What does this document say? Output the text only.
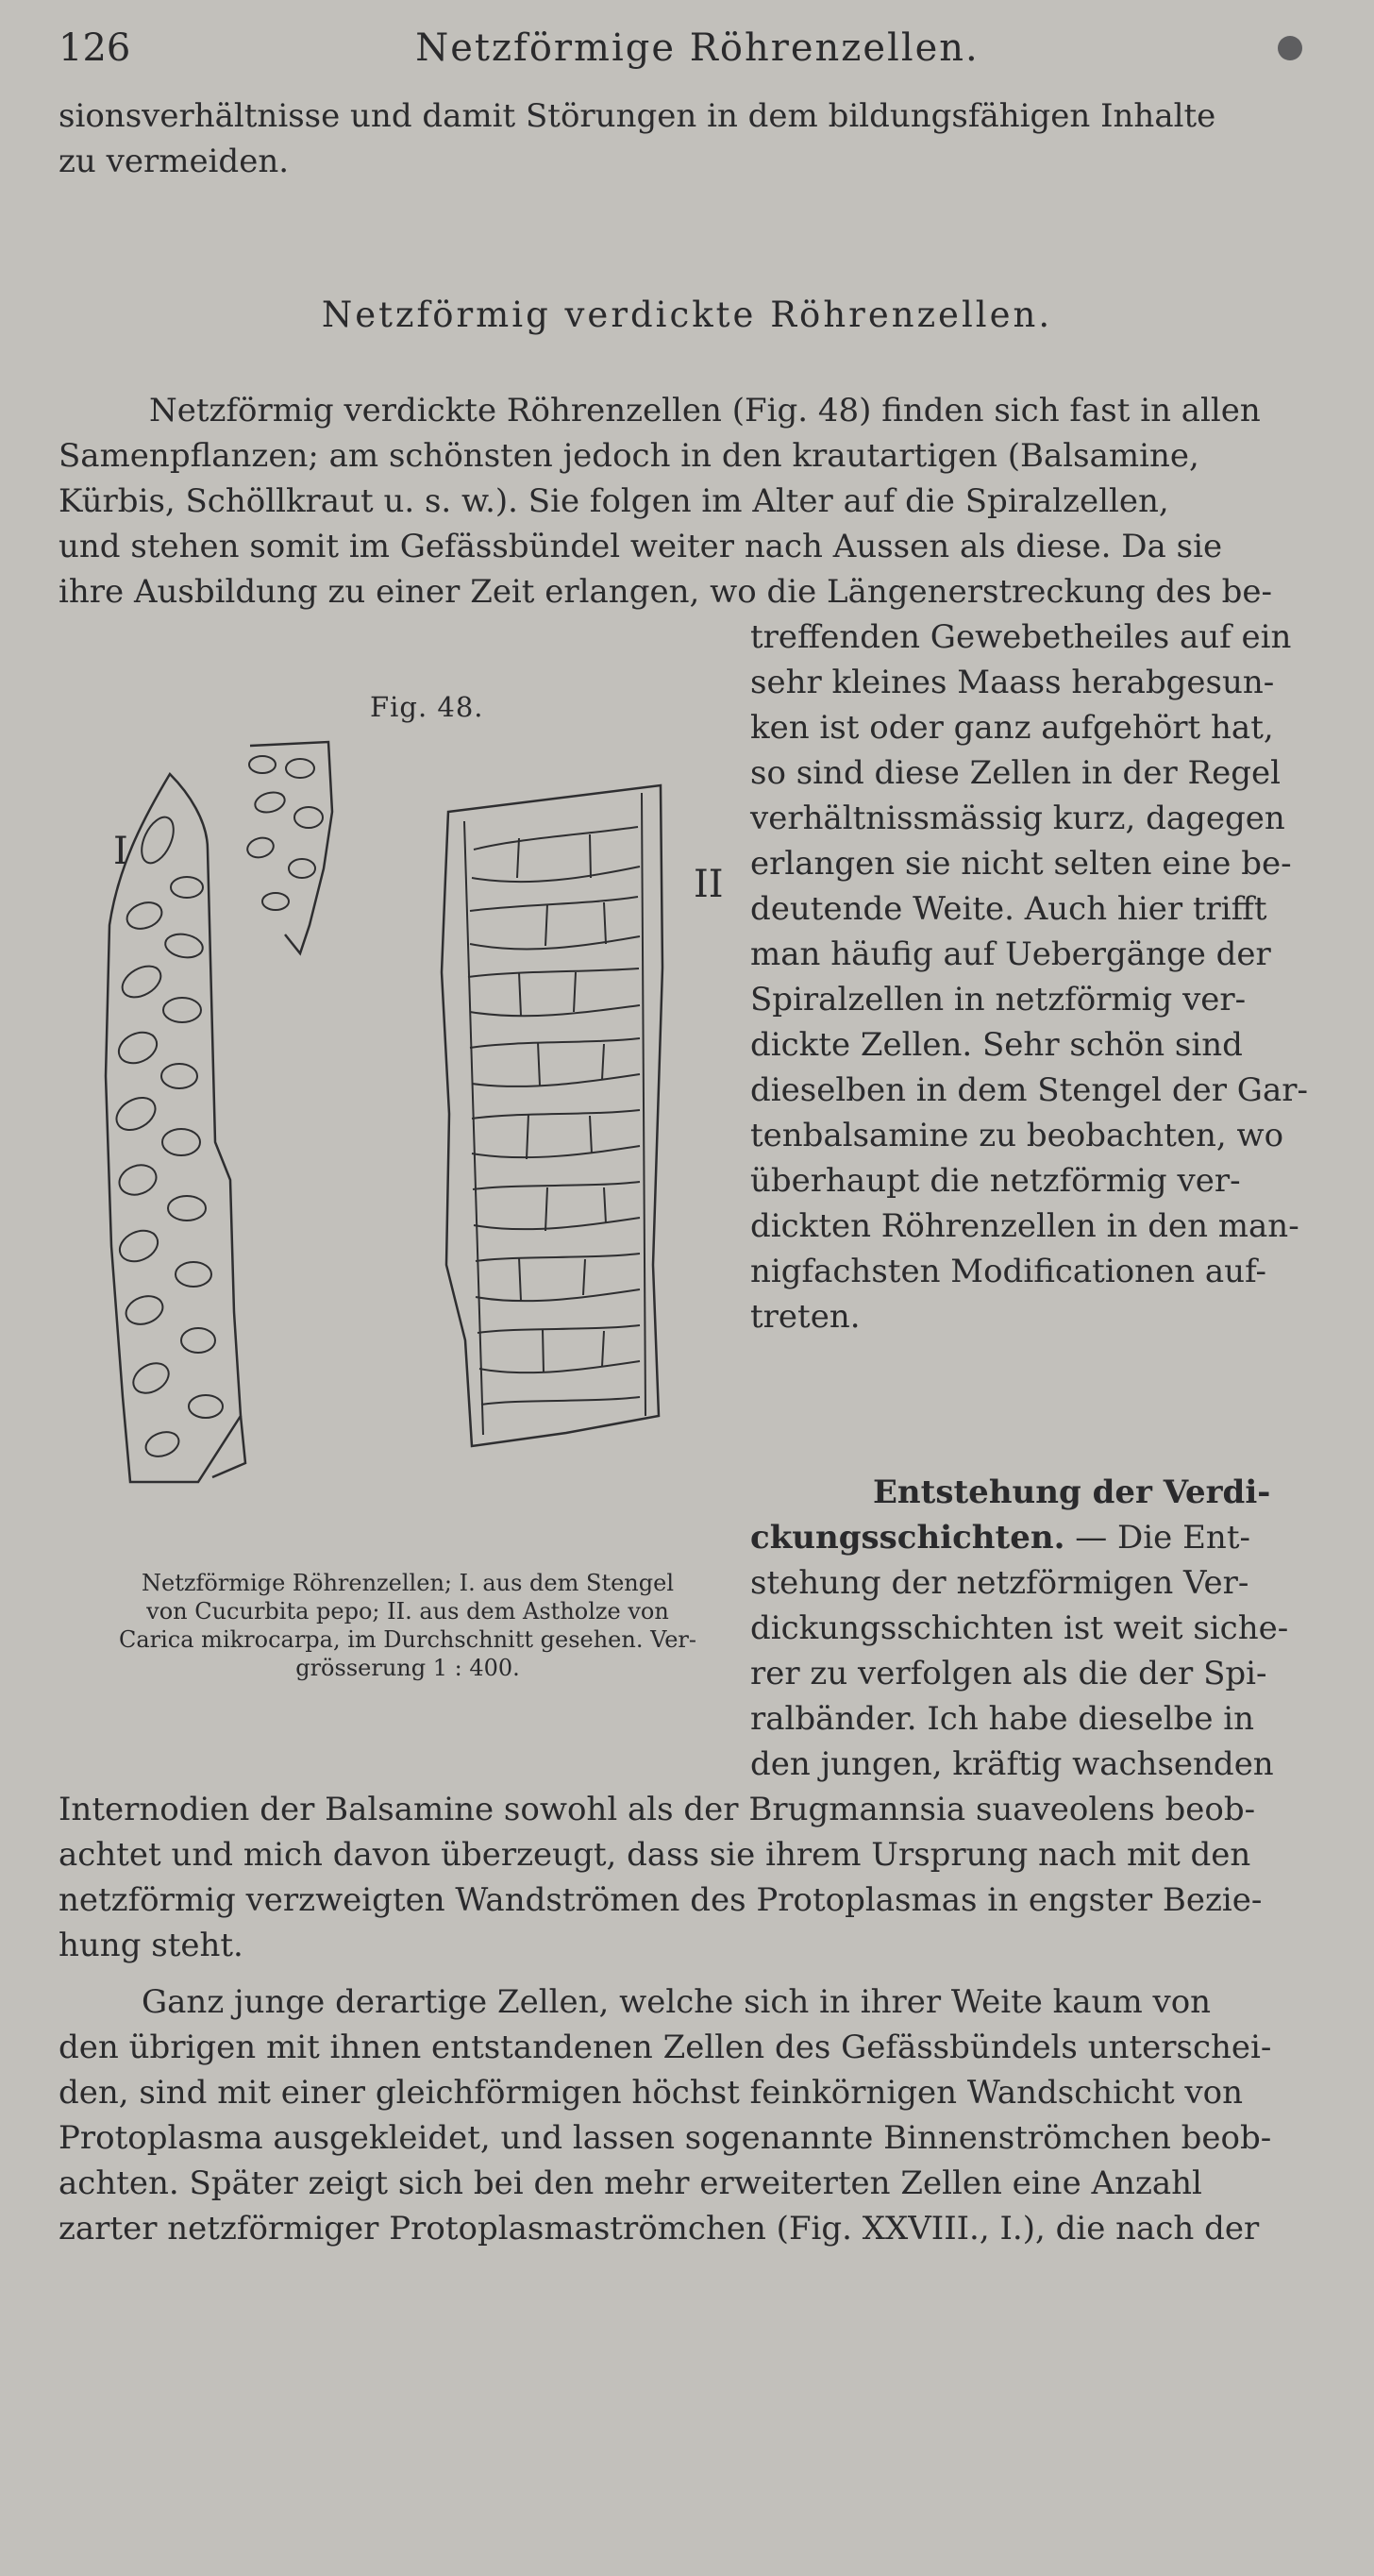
126	Netzförmige Röhrenzellen.
sionsverhältnisse und damit Störungen in dem bildungsfähigen Inhalte
zu vermeiden.
Netzförmig verdickte Röhrenzellen.
Netzförmig verdickte Röhrenzellen (Fig. 48) finden sich fast in allen
Samenpflanzen; am schönsten jedoch in den krautartigen (Balsamine,
Kürbis, Schöllkraut u. s. w.). Sie folgen im Alter auf die Spiralzellen,
und stehen somit im Gefässbündel weiter nach Aussen als diese. Da sie
ihre Ausbildung zu einer Zeit erlangen, wo die Längenerstreckung des be-
Fig. 48.
I
II
Netzförmige Röhrenzellen; I. aus dem Stengel
von Cucurbita pepo; II. aus dem Astholze von
Carica mikrocarpa, im Durchschnitt gesehen. Ver-
grösserung 1 : 400.
treffenden Gewebetheiles auf ein
sehr kleines Maass herabgesun-
ken ist oder ganz aufgehört hat,
so sind diese Zellen in der Regel
verhältnissmässig kurz, dagegen
erlangen sie nicht selten eine be-
deutende Weite. Auch hier trifft
man häufig auf Uebergänge der
Spiralzellen in netzförmig ver-
dickte Zellen. Sehr schön sind
dieselben in dem Stengel der Gar-
tenbalsamine zu beobachten, wo
überhaupt die netzförmig ver-
dickten Röhrenzellen in den man-
nigfachsten Modificationen auf-
treten.
Entstehung der Verdi-
ckungsschichten. — Die Ent-
stehung der netzförmigen Ver-
dickungsschichten ist weit siche-
rer zu verfolgen als die der Spi-
ralbänder. Ich habe dieselbe in
den jungen, kräftig wachsenden
Internodien der Balsamine sowohl als der Brugmannsia suaveolens beob-
achtet und mich davon überzeugt, dass sie ihrem Ursprung nach mit den
netzförmig verzweigten Wandströmen des Protoplasmas in engster Bezie-
hung steht.
Ganz junge derartige Zellen, welche sich in ihrer Weite kaum von
den übrigen mit ihnen entstandenen Zellen des Gefässbündels unterschei-
den, sind mit einer gleichförmigen höchst feinkörnigen Wandschicht von
Protoplasma ausgekleidet, und lassen sogenannte Binnenströmchen beob-
achten. Später zeigt sich bei den mehr erweiterten Zellen eine Anzahl
zarter netzförmiger Protoplasmaströmchen (Fig. XXVIII., I.), die nach der
